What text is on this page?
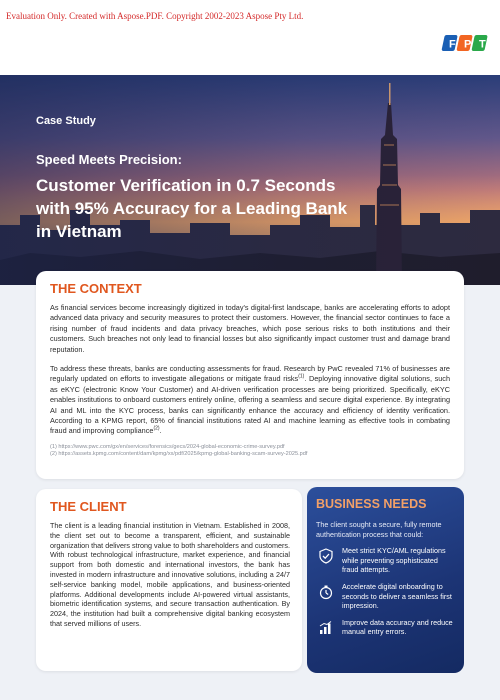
Evaluation Only. Created with Aspose.PDF. Copyright 2002-2023 Aspose Pty Ltd.
F P T
Case Study
Speed Meets Precision:
Customer Verification in 0.7 Seconds with 95% Accuracy for a Leading Bank in Vietnam
THE CONTEXT

As financial services become increasingly digitized in today's digital-first landscape, banks are accelerating efforts to adopt advanced data privacy and security measures to protect their customers. However, the financial sector continues to face a rising number of fraud incidents and data privacy breaches, which pose serious risks to both institutions and their customers. Such breaches not only lead to financial losses but also significantly impact customer trust and damage brand reputation.

To address these threats, banks are conducting assessments for fraud. Research by PwC revealed 71% of businesses are regularly updated on efforts to investigate allegations or mitigate fraud risks$^{(1)}$. Deploying innovative digital solutions, such as eKYC (electronic Know Your Customer) and AI-driven verification processes are being prioritized. Specifically, eKYC enables institutions to onboard customers entirely online, offering a seamless and secure digital experience. By integrating AI and ML into the KYC process, banks can significantly enhance the accuracy and efficiency of identity verification. According to a KPMG report, 65% of financial institutions rated AI and machine learning as effective tools in combating fraud and improving compliance$^{(2)}$.

(1) https://www.pwc.com/gx/en/services/forensics/gecs/2024-global-economic-crime-survey.pdf
(2) https://assets.kpmg.com/content/dam/kpmg/xx/pdf/2025/kpmg-global-banking-scam-survey-2025.pdf
THE CLIENT

The client is a leading financial institution in Vietnam. Established in 2008, the client set out to become a transparent, efficient, and sustainable organization that delivers strong value to both shareholders and customers. With robust technological infrastructure, market experience, and financial support from both domestic and international investors, the bank has invested in modern infrastructure and innovative solutions, including a 24/7 self-service banking model, mobile applications, and business-oriented platforms. Additional developments include AI-powered virtual assistants, biometric identification systems, and secure transaction authentication. By 2024, the institution had built a comprehensive digital banking ecosystem that served millions of users.

BUSINESS NEEDS
The client sought a secure, fully remote authentication process that could:
Meet strict KYC/AML regulations while preventing sophisticated fraud attempts.
Accelerate digital onboarding to seconds to deliver a seamless first impression.
Improve data accuracy and reduce manual entry errors.
